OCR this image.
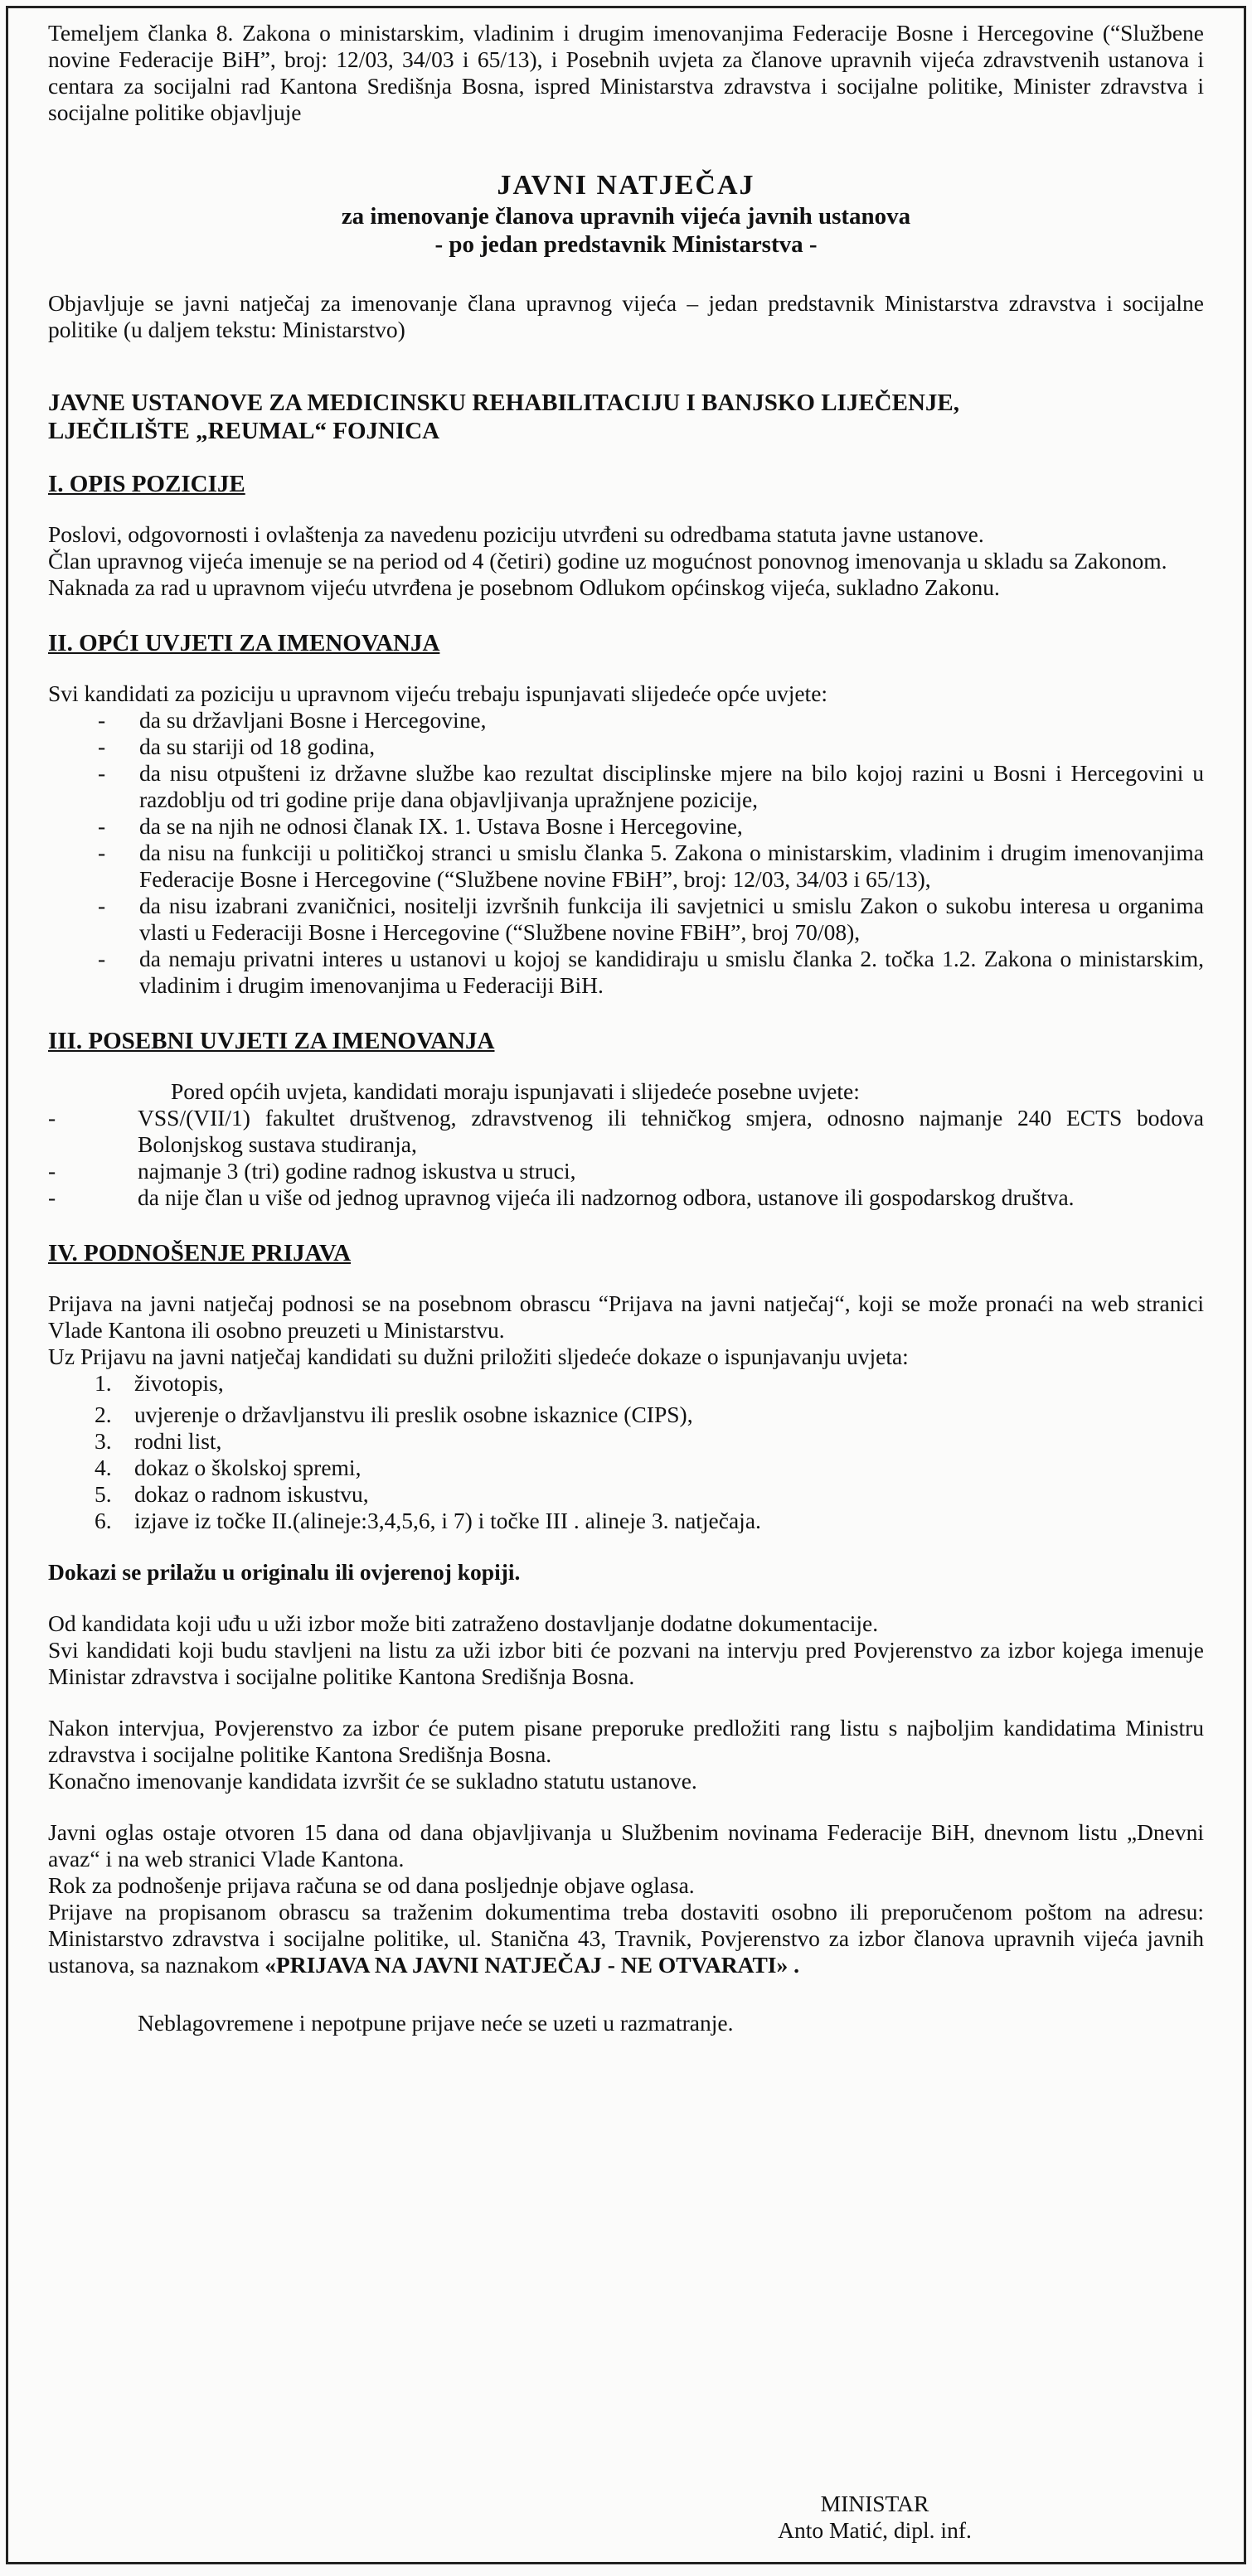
Temeljem članka 8. Zakona o ministarskim, vladinim i drugim imenovanjima Federacije Bosne i Hercegovine (“Službene novine Federacije BiH”, broj: 12/03, 34/03 i 65/13), i Posebnih uvjeta za članove upravnih vijeća zdravstvenih ustanova i centara za socijalni rad Kantona Središnja Bosna, ispred Ministarstva zdravstva i socijalne politike, Minister zdravstva i socijalne politike objavljuje

JAVNI NATJEČAJ
za imenovanje članova upravnih vijeća javnih ustanova
- po jedan predstavnik Ministarstva -

Objavljuje se javni natječaj za imenovanje člana upravnog vijeća – jedan predstavnik Ministarstva zdravstva i socijalne politike (u daljem tekstu: Ministarstvo)

JAVNE USTANOVE ZA MEDICINSKU REHABILITACIJU I BANJSKO LIJEČENJE,
LJEČILIŠTE „REUMAL“ FOJNICA

I. OPIS POZICIJE

Poslovi, odgovornosti i ovlaštenja za navedenu poziciju utvrđeni su odredbama statuta javne ustanove.

Član upravnog vijeća imenuje se na period od 4 (četiri) godine uz mogućnost ponovnog imenovanja u skladu sa Zakonom.

Naknada za rad u upravnom vijeću utvrđena je posebnom Odlukom općinskog vijeća, sukladno Zakonu.

II. OPĆI UVJETI ZA IMENOVANJA

Svi kandidati za poziciju u upravnom vijeću trebaju ispunjavati slijedeće opće uvjete:

- da su državljani Bosne i Hercegovine,
- da su stariji od 18 godina,
- da nisu otpušteni iz državne službe kao rezultat disciplinske mjere na bilo kojoj razini u Bosni i Hercegovini u razdoblju od tri godine prije dana objavljivanja upražnjene pozicije,
- da se na njih ne odnosi članak IX. 1. Ustava Bosne i Hercegovine,
- da nisu na funkciji u političkoj stranci u smislu članka 5. Zakona o ministarskim, vladinim i drugim imenovanjima Federacije Bosne i Hercegovine (“Službene novine FBiH”, broj: 12/03, 34/03 i 65/13),
- da nisu izabrani zvaničnici, nositelji izvršnih funkcija ili savjetnici u smislu Zakon o sukobu interesa u organima vlasti u Federaciji Bosne i Hercegovine (“Službene novine FBiH”, broj 70/08),
- da nemaju privatni interes u ustanovi u kojoj se kandidiraju u smislu članka 2. točka 1.2. Zakona o ministarskim, vladinim i drugim imenovanjima u Federaciji BiH.

III. POSEBNI UVJETI ZA IMENOVANJA

Pored općih uvjeta, kandidati moraju ispunjavati i slijedeće posebne uvjete:

- VSS/(VII/1) fakultet društvenog, zdravstvenog ili tehničkog smjera, odnosno najmanje 240 ECTS bodova Bolonjskog sustava studiranja,
- najmanje 3 (tri) godine radnog iskustva u struci,
- da nije član u više od jednog upravnog vijeća ili nadzornog odbora, ustanove ili gospodarskog društva.

IV. PODNOŠENJE PRIJAVA

Prijava na javni natječaj podnosi se na posebnom obrascu “Prijava na javni natječaj“, koji se može pronaći na web stranici Vlade Kantona ili osobno preuzeti u Ministarstvu.

Uz Prijavu na javni natječaj kandidati su dužni priložiti sljedeće dokaze o ispunjavanju uvjeta:

1. životopis,
2. uvjerenje o državljanstvu ili preslik osobne iskaznice (CIPS),
3. rodni list,
4. dokaz o školskoj spremi,
5. dokaz o radnom iskustvu,
6. izjave iz točke II.(alineje:3,4,5,6, i 7) i točke III . alineje 3. natječaja.

Dokazi se prilažu u originalu ili ovjerenoj kopiji.

Od kandidata koji uđu u uži izbor može biti zatraženo dostavljanje dodatne dokumentacije.

Svi kandidati koji budu stavljeni na listu za uži izbor biti će pozvani na intervju pred Povjerenstvo za izbor kojega imenuje Ministar zdravstva i socijalne politike Kantona Središnja Bosna.

Nakon intervjua, Povjerenstvo za izbor će putem pisane preporuke predložiti rang listu s najboljim kandidatima Ministru zdravstva i socijalne politike Kantona Središnja Bosna.

Konačno imenovanje kandidata izvršit će se sukladno statutu ustanove.

Javni oglas ostaje otvoren 15 dana od dana objavljivanja u Službenim novinama Federacije BiH, dnevnom listu „Dnevni avaz“ i na web stranici Vlade Kantona.

Rok za podnošenje prijava računa se od dana posljednje objave oglasa.

Prijave na propisanom obrascu sa traženim dokumentima treba dostaviti osobno ili preporučenom poštom na adresu: Ministarstvo zdravstva i socijalne politike, ul. Stanična 43, Travnik, Povjerenstvo za izbor članova upravnih vijeća javnih ustanova, sa naznakom «PRIJAVA NA JAVNI NATJEČAJ - NE OTVARATI» .

Neblagovremene i nepotpune prijave neće se uzeti u razmatranje.

MINISTAR

Anto Matić, dipl. inf.
